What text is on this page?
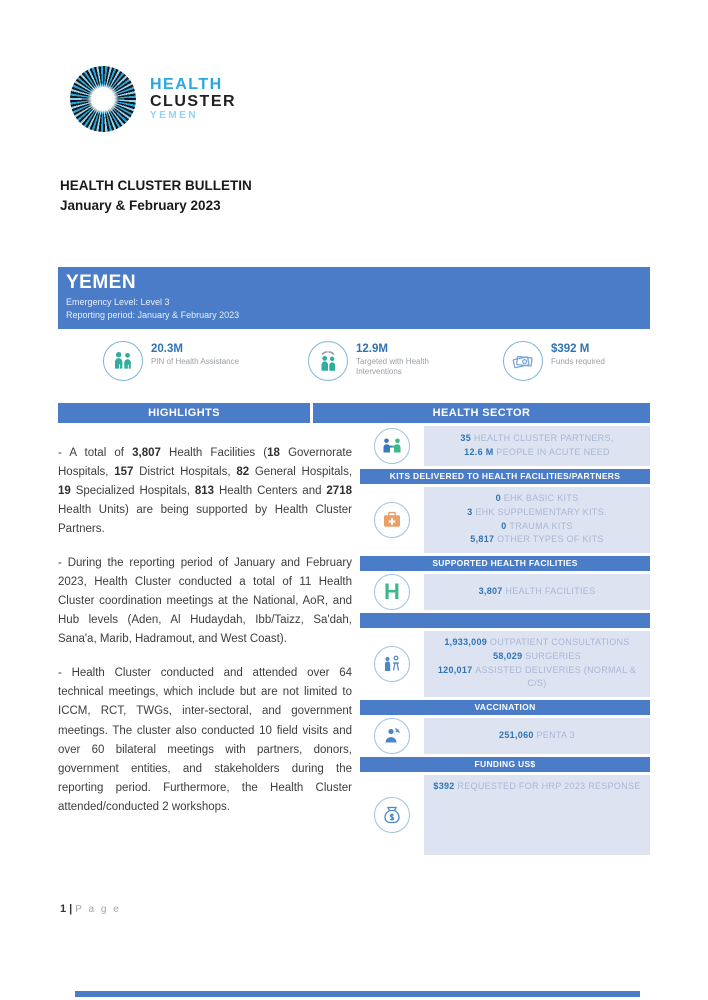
HEALTH
CLUSTER
YEMEN
HEALTH CLUSTER BULLETIN
January & February 2023
YEMEN
Emergency Level: Level 3
Reporting period: January & February 2023
20.3M
PIN of Health Assistance
12.9M
Targeted with Health Interventions
$392 M
Funds required
HIGHLIGHTS	HEALTH SECTOR

- A total of 3,807 Health Facilities (18 Governorate Hospitals, 157 District Hospitals, 82 General Hospitals, 19 Specialized Hospitals, 813 Health Centers and 2718 Health Units) are being supported by Health Cluster Partners.

- During the reporting period of January and February 2023, Health Cluster conducted a total of 11 Health Cluster coordination meetings at the National, AoR, and Hub levels (Aden, Al Hudaydah, Ibb/Taizz, Sa'dah, Sana'a, Marib, Hadramout, and West Coast).

- Health Cluster conducted and attended over 64 technical meetings, which include but are not limited to ICCM, RCT, TWGs, inter-sectoral, and government meetings. The cluster also conducted 10 field visits and over 60 bilateral meetings with partners, donors, government entities, and stakeholders during the reporting period. Furthermore, the Health Cluster attended/conducted 2 workshops.

35 HEALTH CLUSTER PARTNERS,
12.6 M PEOPLE IN ACUTE NEED
KITS DELIVERED TO HEALTH FACILITIES/PARTNERS
0 EHK BASIC KITS
3 EHK SUPPLEMENTARY KITS.
0 TRAUMA KITS
5,817 OTHER TYPES OF KITS
SUPPORTED HEALTH FACILITIES
H	3,807 HEALTH FACILITIES
1,933,009 OUTPATIENT CONSULTATIONS
58,029 SURGERIES
120,017 ASSISTED DELIVERIES (NORMAL & C/S)
VACCINATION
251,060 PENTA 3
FUNDING US$
$392 REQUESTED FOR HRP 2023 RESPONSE
1 | P a g e
